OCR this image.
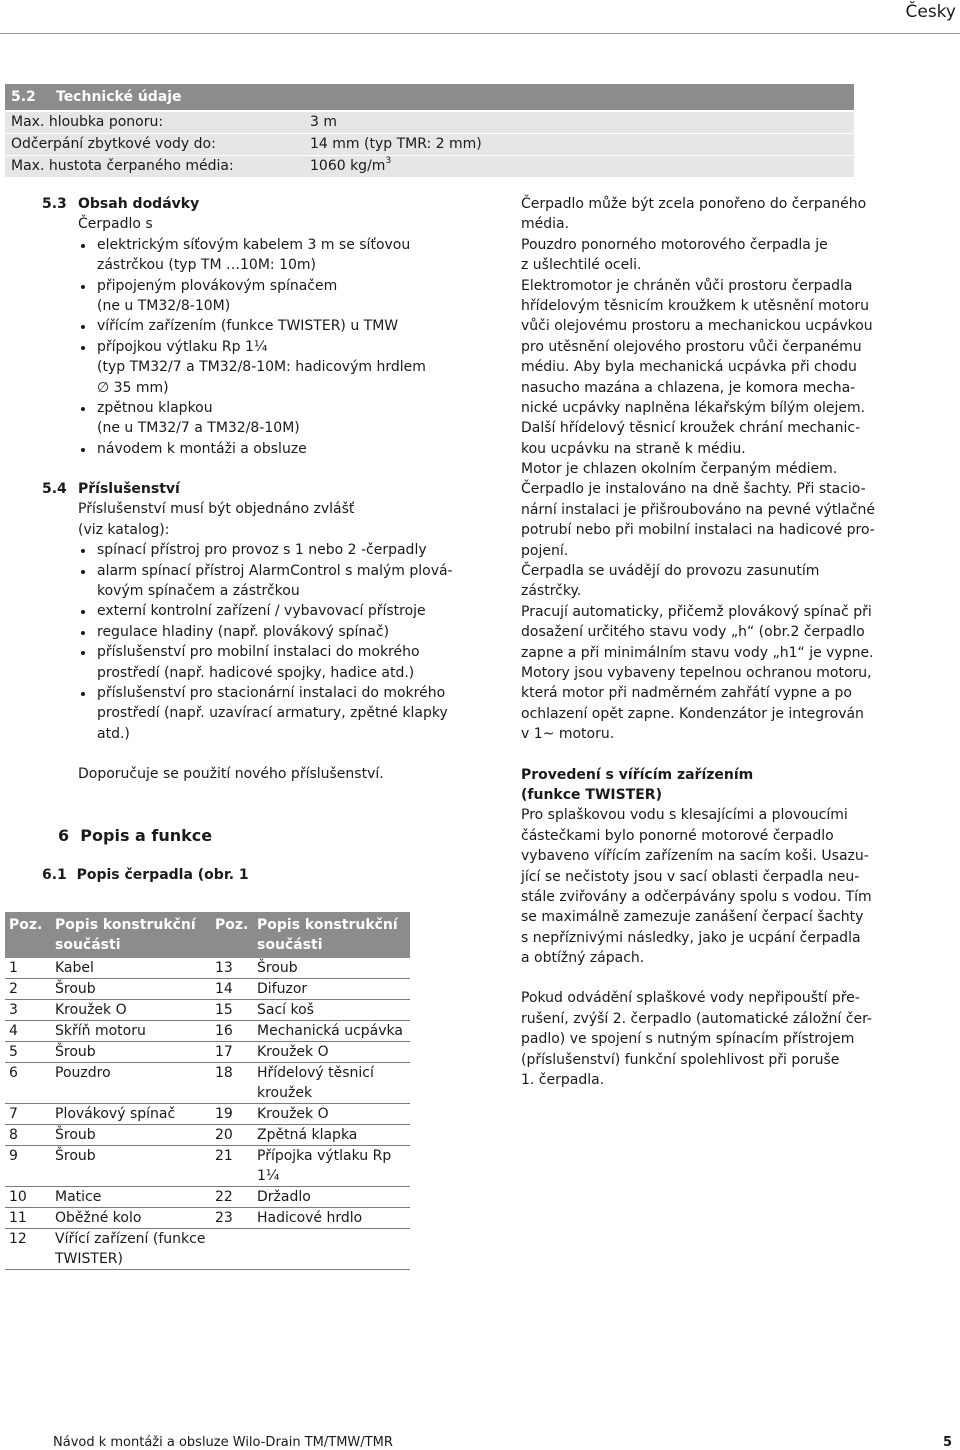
Česky
5.2 Technické údaje
Max. hloubka ponoru:	3 m
Odčerpání zbytkové vody do:	14 mm (typ TMR: 2 mm)
Max. hustota čerpaného média:	1060 $kg/m^3$
5.3 Obsah dodávky
Čerpadlo s
elektrickým síťovým kabelem 3 m se síťovou
zástrčkou (typ TM …10M: 10m)
připojeným plovákovým spínačem
(ne u TM32/8-10M)
vířícím zařízením (funkce TWISTER) u TMW
přípojkou výtlaku Rp 1¼
(typ TM32/7 a TM32/8-10M: hadicovým hrdlem
∅ 35 mm)
zpětnou klapkou
(ne u TM32/7 a TM32/8-10M)
návodem k montáži a obsluze
5.4 Příslušenství
Příslušenství musí být objednáno zvlášť
(viz katalog):
spínací přístroj pro provoz s 1 nebo 2 -čerpadly
alarm spínací přístroj AlarmControl s malým plová-
kovým spínačem a zástrčkou
externí kontrolní zařízení / vybavovací přístroje
regulace hladiny (např. plovákový spínač)
příslušenství pro mobilní instalaci do mokrého
prostředí (např. hadicové spojky, hadice atd.)
příslušenství pro stacionární instalaci do mokrého
prostředí (např. uzavírací armatury, zpětné klapky
atd.)
Doporučuje se použití nového příslušenství.
6 Popis a funkce
6.1 Popis čerpadla (obr. 1
Poz.	Popis konstrukční součásti	Poz.	Popis konstrukční součásti
1	Kabel	13	Šroub
2	Šroub	14	Difuzor
3	Kroužek O	15	Sací koš
4	Skříň motoru	16	Mechanická ucpávka
5	Šroub	17	Kroužek O
6	Pouzdro	18	Hřídelový těsnicí kroužek
7	Plovákový spínač	19	Kroužek O
8	Šroub	20	Zpětná klapka
9	Šroub	21	Přípojka výtlaku Rp 1¼
10	Matice	22	Držadlo
11	Oběžné kolo	23	Hadicové hrdlo
12	Vířící zařízení (funkce TWISTER)		
Čerpadlo může být zcela ponořeno do čerpaného
média.
Pouzdro ponorného motorového čerpadla je
z ušlechtilé oceli.
Elektromotor je chráněn vůči prostoru čerpadla
hřídelovým těsnicím kroužkem k utěsnění motoru
vůči olejovému prostoru a mechanickou ucpávkou
pro utěsnění olejového prostoru vůči čerpanému
médiu. Aby byla mechanická ucpávka při chodu
nasucho mazána a chlazena, je komora mecha-
nické ucpávky naplněna lékařským bílým olejem.
Další hřídelový těsnicí kroužek chrání mechanic-
kou ucpávku na straně k médiu.
Motor je chlazen okolním čerpaným médiem.
Čerpadlo je instalováno na dně šachty. Při stacio-
nární instalaci je přišroubováno na pevné výtlačné
potrubí nebo při mobilní instalaci na hadicové pro-
pojení.
Čerpadla se uvádějí do provozu zasunutím
zástrčky.
Pracují automaticky, přičemž plovákový spínač při
dosažení určitého stavu vody „h“ (obr.2 čerpadlo
zapne a při minimálním stavu vody „h1“ je vypne.
Motory jsou vybaveny tepelnou ochranou motoru,
která motor při nadměrném zahřátí vypne a po
ochlazení opět zapne. Kondenzátor je integrován
v 1~ motoru.
Provedení s vířícím zařízením
(funkce TWISTER)
Pro splaškovou vodu s klesajícími a plovoucími
částečkami bylo ponorné motorové čerpadlo
vybaveno vířícím zařízením na sacím koši. Usazu-
jící se nečistoty jsou v sací oblasti čerpadla neu-
stále zviřovány a odčerpávány spolu s vodou. Tím
se maximálně zamezuje zanášení čerpací šachty
s nepříznivými následky, jako je ucpání čerpadla
a obtížný zápach.
Pokud odvádění splaškové vody nepřipouští pře-
rušení, zvýší 2. čerpadlo (automatické záložní čer-
padlo) ve spojení s nutným spínacím přístrojem
(příslušenství) funkční spolehlivost při poruše
1. čerpadla.
Návod k montáži a obsluze Wilo-Drain TM/TMW/TMR	5
